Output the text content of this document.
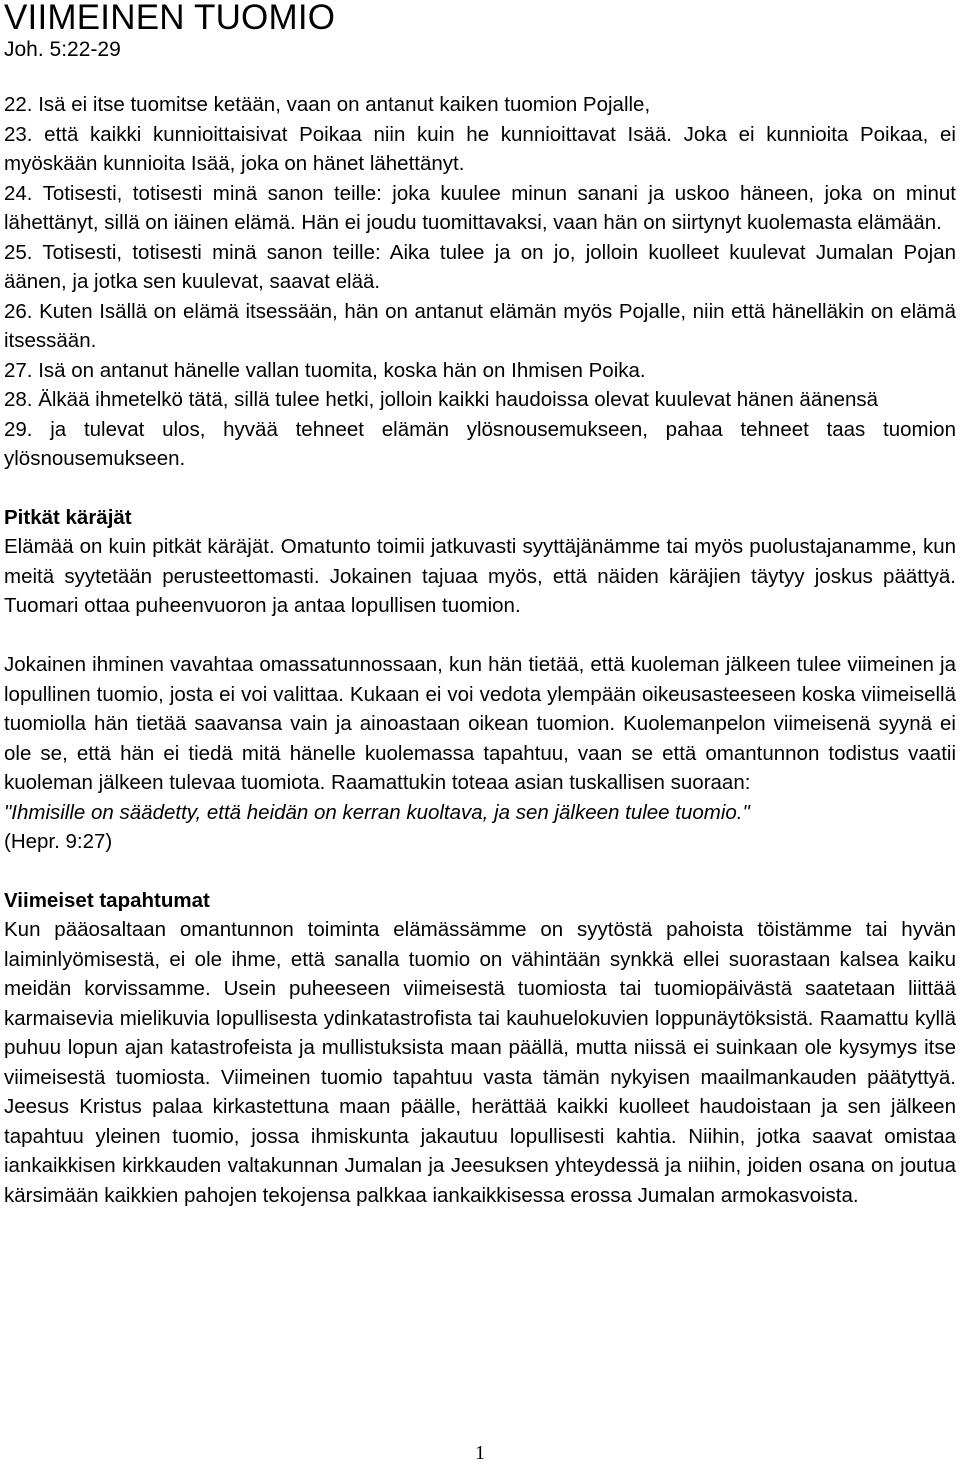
VIIMEINEN TUOMIO
Joh. 5:22-29

22. Isä ei itse tuomitse ketään, vaan on antanut kaiken tuomion Pojalle,

23. että kaikki kunnioittaisivat Poikaa niin kuin he kunnioittavat Isää. Joka ei kunnioita Poikaa, ei myöskään kunnioita Isää, joka on hänet lähettänyt.

24. Totisesti, totisesti minä sanon teille: joka kuulee minun sanani ja uskoo häneen, joka on minut lähettänyt, sillä on iäinen elämä. Hän ei joudu tuomittavaksi, vaan hän on siirtynyt kuolemasta elämään.

25. Totisesti, totisesti minä sanon teille: Aika tulee ja on jo, jolloin kuolleet kuulevat Jumalan Pojan äänen, ja jotka sen kuulevat, saavat elää.

26. Kuten Isällä on elämä itsessään, hän on antanut elämän myös Pojalle, niin että hänelläkin on elämä itsessään.

27. Isä on antanut hänelle vallan tuomita, koska hän on Ihmisen Poika.

28. Älkää ihmetelkö tätä, sillä tulee hetki, jolloin kaikki haudoissa olevat kuulevat hänen äänensä

29. ja tulevat ulos, hyvää tehneet elämän ylösnousemukseen, pahaa tehneet taas tuomion ylösnousemukseen.

Pitkät käräjät

Elämää on kuin pitkät käräjät. Omatunto toimii jatkuvasti syyttäjänämme tai myös puolustajanamme, kun meitä syytetään perusteettomasti. Jokainen tajuaa myös, että näiden käräjien täytyy joskus päättyä. Tuomari ottaa puheenvuoron ja antaa lopullisen tuomion.

Jokainen ihminen vavahtaa omassatunnossaan, kun hän tietää, että kuoleman jälkeen tulee viimeinen ja lopullinen tuomio, josta ei voi valittaa. Kukaan ei voi vedota ylempään oikeusasteeseen koska viimeisellä tuomiolla hän tietää saavansa vain ja ainoastaan oikean tuomion. Kuolemanpelon viimeisenä syynä ei ole se, että hän ei tiedä mitä hänelle kuolemassa tapahtuu, vaan se että omantunnon todistus vaatii kuoleman jälkeen tulevaa tuomiota. Raamattukin toteaa asian tuskallisen suoraan:
"Ihmisille on säädetty, että heidän on kerran kuoltava, ja sen jälkeen tulee tuomio."
(Hepr. 9:27)

Viimeiset tapahtumat

Kun pääosaltaan omantunnon toiminta elämässämme on syytöstä pahoista töistämme tai hyvän laiminlyömisestä, ei ole ihme, että sanalla tuomio on vähintään synkkä ellei suorastaan kalsea kaiku meidän korvissamme. Usein puheeseen viimeisestä tuomiosta tai tuomiopäivästä saatetaan liittää karmaisevia mielikuvia lopullisesta ydinkatastrofista tai kauhuelokuvien loppunäytöksistä. Raamattu kyllä puhuu lopun ajan katastrofeista ja mullistuksista maan päällä, mutta niissä ei suinkaan ole kysymys itse viimeisestä tuomiosta. Viimeinen tuomio tapahtuu vasta tämän nykyisen maailmankauden päätyttyä. Jeesus Kristus palaa kirkastettuna maan päälle, herättää kaikki kuolleet haudoistaan ja sen jälkeen tapahtuu yleinen tuomio, jossa ihmiskunta jakautuu lopullisesti kahtia. Niihin, jotka saavat omistaa iankaikkisen kirkkauden valtakunnan Jumalan ja Jeesuksen yhteydessä ja niihin, joiden osana on joutua kärsimään kaikkien pahojen tekojensa palkkaa iankaikkisessa erossa Jumalan armokasvoista.

1
